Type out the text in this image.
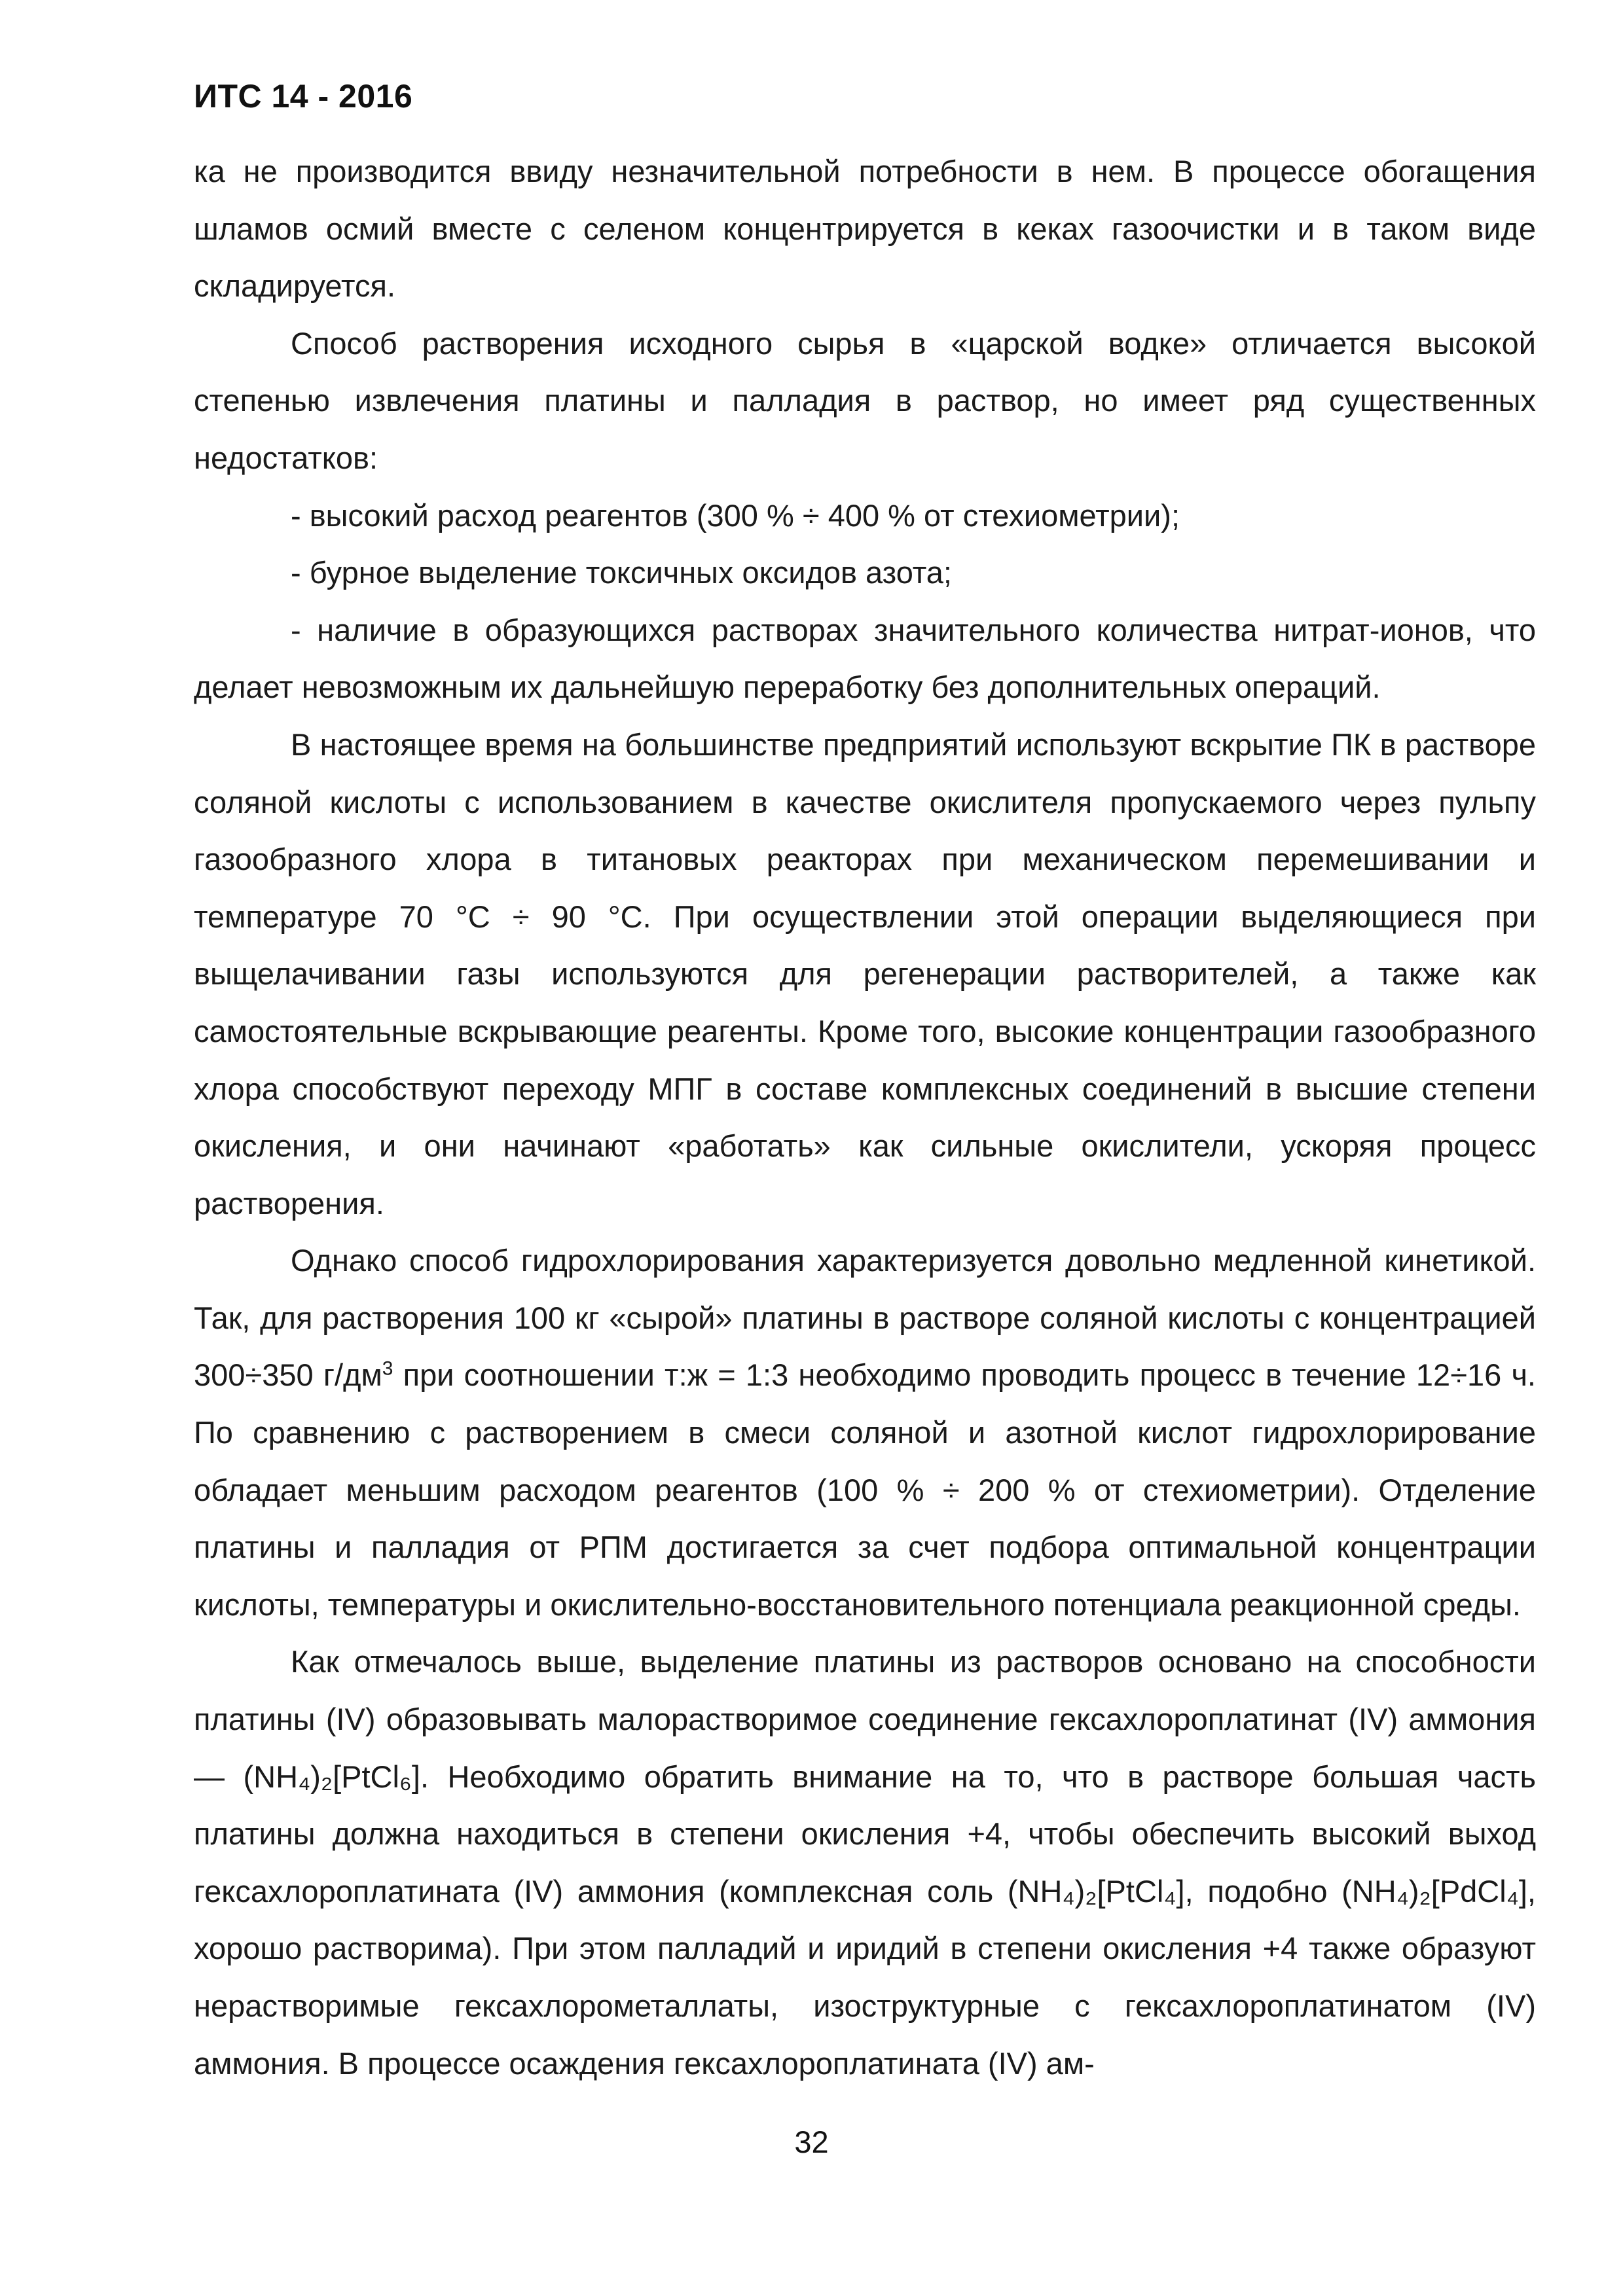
ИТС 14 - 2016

ка не производится ввиду незначительной потребности в нем. В процессе обогащения шламов осмий вместе с селеном концентрируется в кеках газоочистки и в таком виде складируется.

Способ растворения исходного сырья в «царской водке» отличается высокой степенью извлечения платины и палладия в раствор, но имеет ряд существенных недостатков:

- высокий расход реагентов (300 % ÷ 400 % от стехиометрии);

- бурное выделение токсичных оксидов азота;

- наличие в образующихся растворах значительного количества нитрат-ионов, что делает невозможным их дальнейшую переработку без дополнительных операций.

В настоящее время на большинстве предприятий используют вскрытие ПК в растворе соляной кислоты с использованием в качестве окислителя пропускаемого через пульпу газообразного хлора в титановых реакторах при механическом перемешивании и температуре 70 °С ÷ 90 °С. При осуществлении этой операции выделяющиеся при выщелачивании газы используются для регенерации растворителей, а также как самостоятельные вскрывающие реагенты. Кроме того, высокие концентрации газообразного хлора способствуют переходу МПГ в составе комплексных соединений в высшие степени окисления, и они начинают «работать» как сильные окислители, ускоряя процесс растворения.

Однако способ гидрохлорирования характеризуется довольно медленной кинетикой. Так, для растворения 100 кг «сырой» платины в растворе соляной кислоты с концентрацией 300÷350 $г/дм^3$ при соотношении т:ж = 1:3 необходимо проводить процесс в течение 12÷16 ч. По сравнению с растворением в смеси соляной и азотной кислот гидрохлорирование обладает меньшим расходом реагентов (100 % ÷ 200 % от стехиометрии). Отделение платины и палладия от РПМ достигается за счет подбора оптимальной концентрации кислоты, температуры и окислительно-восстановительного потенциала реакционной среды.

Как отмечалось выше, выделение платины из растворов основано на способности платины (IV) образовывать малорастворимое соединение гексахлороплатинат (IV) аммония — (NH₄)₂[PtCl₆]. Необходимо обратить внимание на то, что в растворе большая часть платины должна находиться в степени окисления +4, чтобы обеспечить высокий выход гексахлороплатината (IV) аммония (комплексная соль (NH₄)₂[PtCl₄], подобно (NH₄)₂[PdCl₄], хорошо растворима). При этом палладий и иридий в степени окисления +4 также образуют нерастворимые гексахлорометаллаты, изоструктурные с гексахлороплатинатом (IV) аммония. В процессе осаждения гексахлороплатината (IV) ам-

32
